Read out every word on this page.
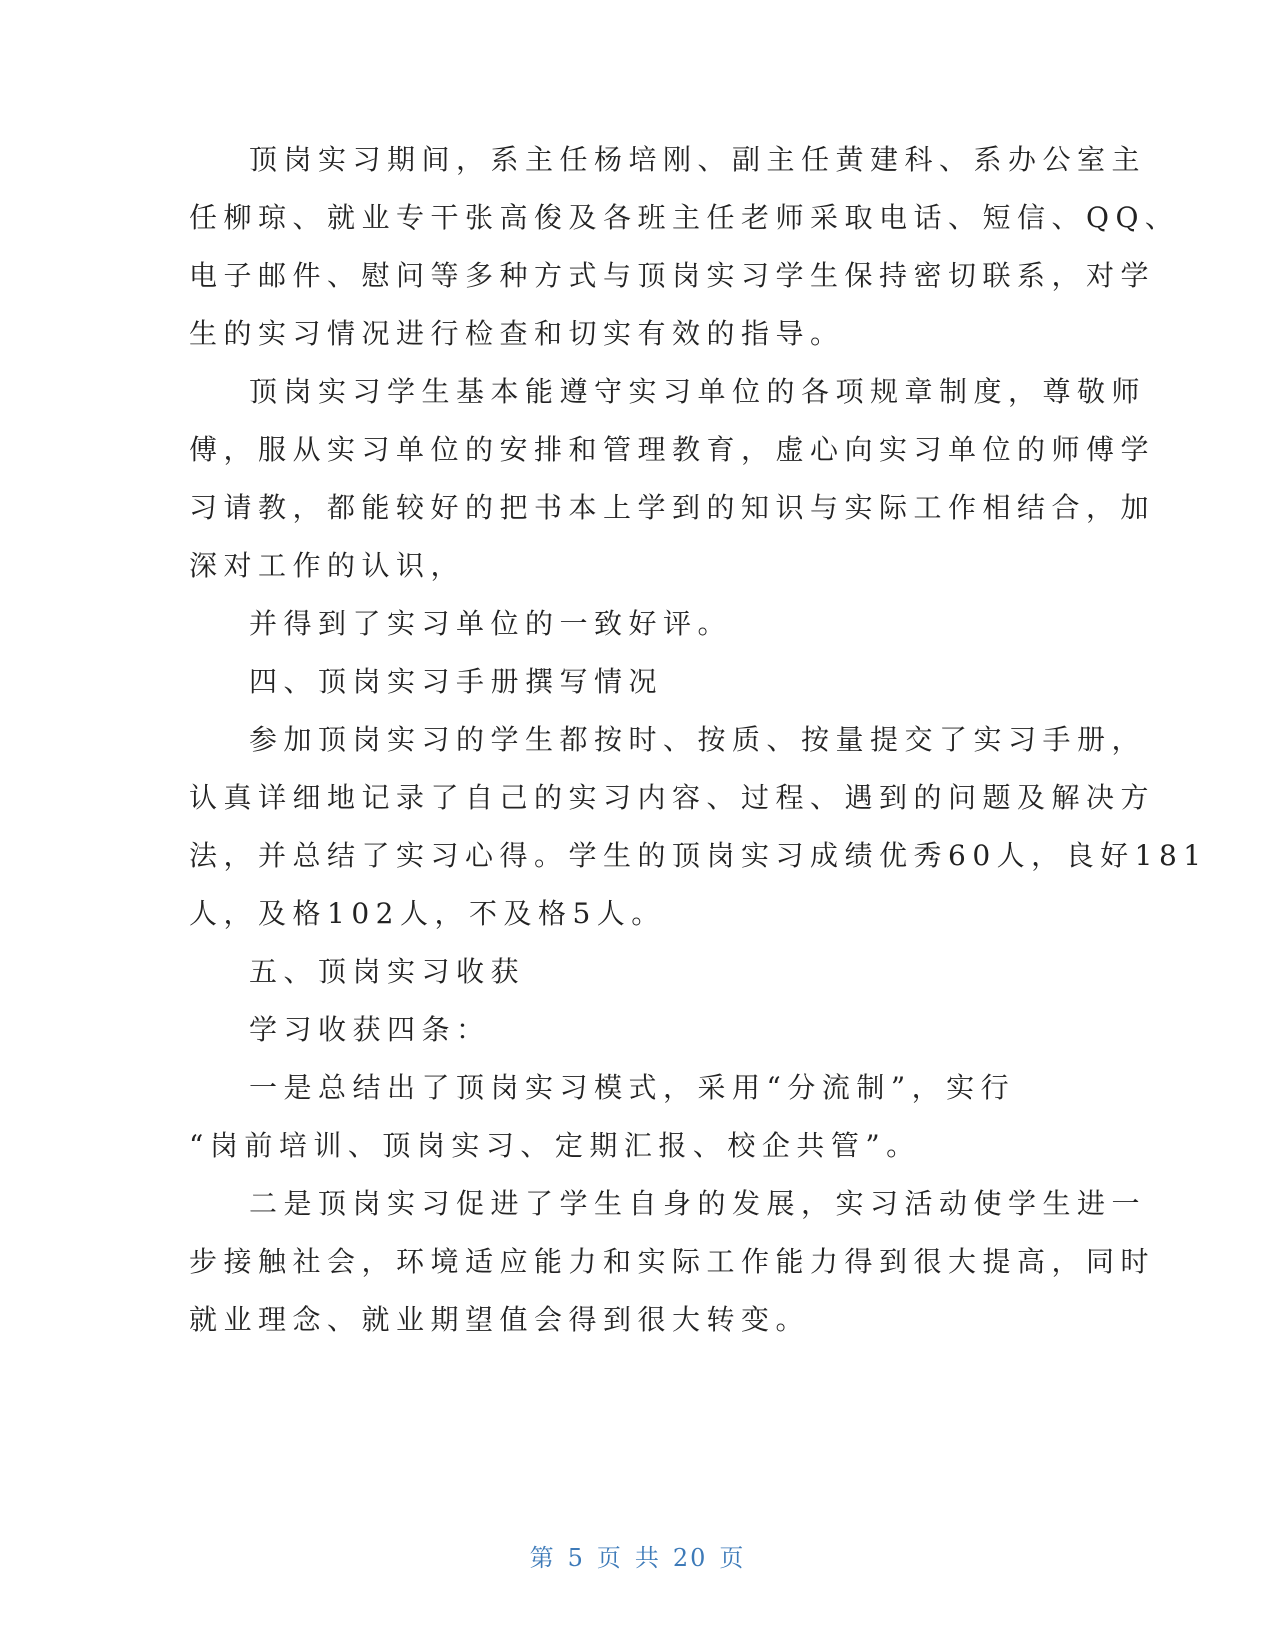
顶岗实习期间，系主任杨培刚、副主任黄建科、系办公室主
任柳琼、就业专干张高俊及各班主任老师采取电话、短信、QQ、
电子邮件、慰问等多种方式与顶岗实习学生保持密切联系，对学
生的实习情况进行检查和切实有效的指导。
顶岗实习学生基本能遵守实习单位的各项规章制度，尊敬师
傅，服从实习单位的安排和管理教育，虚心向实习单位的师傅学
习请教，都能较好的把书本上学到的知识与实际工作相结合，加
深对工作的认识，
并得到了实习单位的一致好评。
四、顶岗实习手册撰写情况
参加顶岗实习的学生都按时、按质、按量提交了实习手册，
认真详细地记录了自己的实习内容、过程、遇到的问题及解决方
法，并总结了实习心得。学生的顶岗实习成绩优秀60人，良好181
人，及格102人，不及格5人。
五、顶岗实习收获
学习收获四条：
一是总结出了顶岗实习模式，采用“分流制”，实行
“岗前培训、顶岗实习、定期汇报、校企共管”。
二是顶岗实习促进了学生自身的发展，实习活动使学生进一
步接触社会，环境适应能力和实际工作能力得到很大提高，同时
就业理念、就业期望值会得到很大转变。
第 5 页 共 20 页
